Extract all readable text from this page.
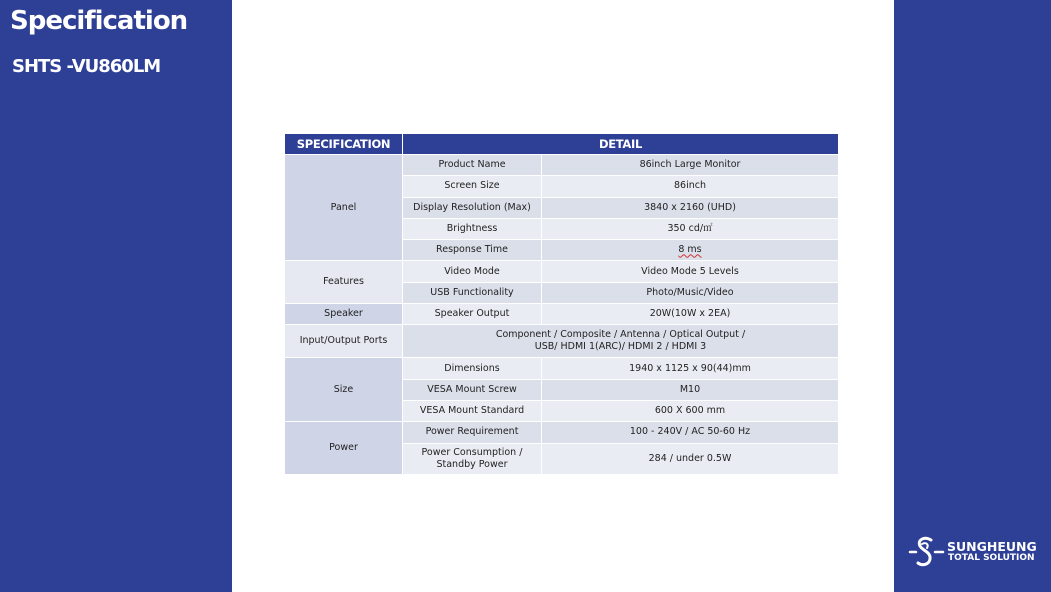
Specification
SHTS -VU860LM
SUNGHEUNG
TOTAL SOLUTION
SPECIFICATION	DETAIL	
Panel	Product Name	86inch Large Monitor
	Screen Size	86inch
	Display Resolution (Max)	3840 x 2160 (UHD)
	Brightness	350 cd/㎡
	Response Time	8 ms
Features	Video Mode	Video Mode 5 Levels
	USB Functionality	Photo/Music/Video
Speaker	Speaker Output	20W(10W x 2EA)
Input/Output Ports	Component / Composite / Antenna / Optical Output /
USB/ HDMI 1(ARC)/ HDMI 2 / HDMI 3	

Size	Dimensions	1940 x 1125 x 90(44)mm
	VESA Mount Screw	M10
	VESA Mount Standard	600 X 600 mm
Power	Power Requirement	100 - 240V / AC 50-60 Hz

	Power Consumption /
Standby Power	284 / under 0.5W
